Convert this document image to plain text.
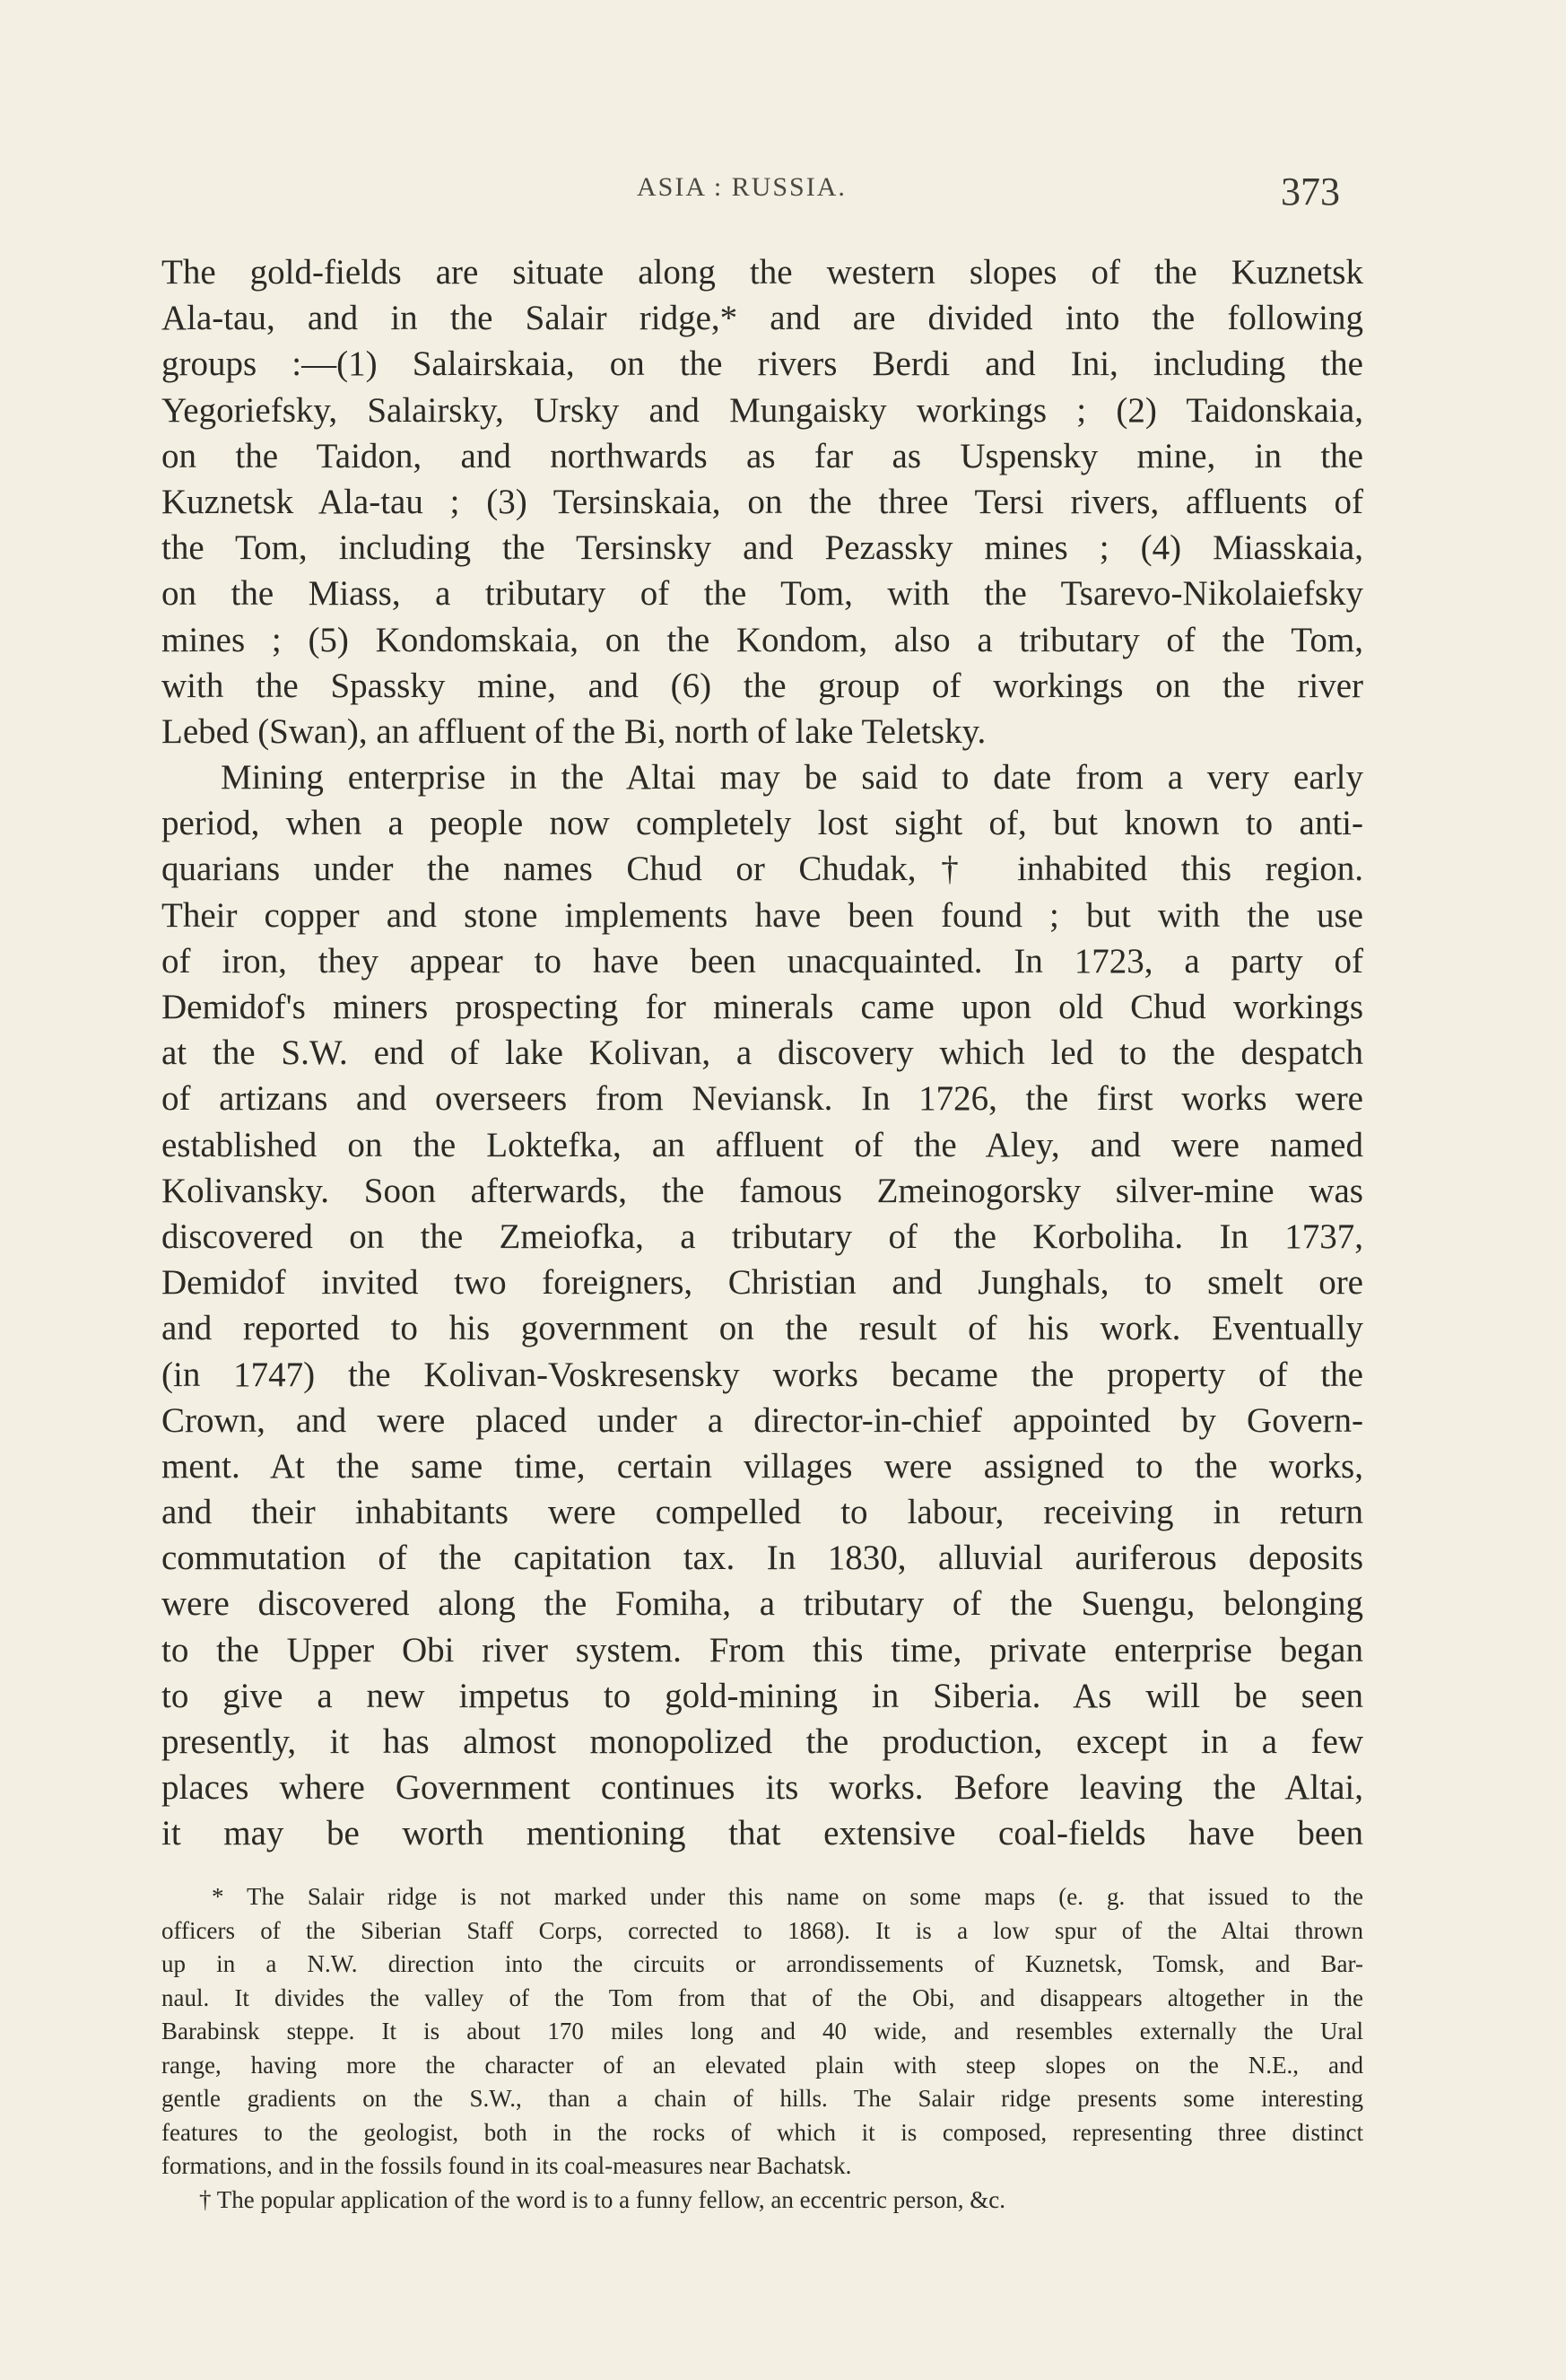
ASIA : RUSSIA.	373
The gold-fields are situate along the western slopes of the Kuznetsk
Ala-tau, and in the Salair ridge,* and are divided into the following
groups :—(1) Salairskaia, on the rivers Berdi and Ini, including the
Yegoriefsky, Salairsky, Ursky and Mungaisky workings ; (2) Taidonskaia,
on the Taidon, and northwards as far as Uspensky mine, in the
Kuznetsk Ala-tau ; (3) Tersinskaia, on the three Tersi rivers, affluents of
the Tom, including the Tersinsky and Pezassky mines ; (4) Miasskaia,
on the Miass, a tributary of the Tom, with the Tsarevo-Nikolaiefsky
mines ; (5) Kondomskaia, on the Kondom, also a tributary of the Tom,
with the Spassky mine, and (6) the group of workings on the river
Lebed (Swan), an affluent of the Bi, north of lake Teletsky.
Mining enterprise in the Altai may be said to date from a very early
period, when a people now completely lost sight of, but known to anti-
quarians under the names Chud or Chudak,† inhabited this region.
Their copper and stone implements have been found ; but with the use
of iron, they appear to have been unacquainted. In 1723, a party of
Demidof's miners prospecting for minerals came upon old Chud workings
at the S.W. end of lake Kolivan, a discovery which led to the despatch
of artizans and overseers from Neviansk. In 1726, the first works were
established on the Loktefka, an affluent of the Aley, and were named
Kolivansky. Soon afterwards, the famous Zmeinogorsky silver-mine was
discovered on the Zmeiofka, a tributary of the Korboliha. In 1737,
Demidof invited two foreigners, Christian and Junghals, to smelt ore
and reported to his government on the result of his work. Eventually
(in 1747) the Kolivan-Voskresensky works became the property of the
Crown, and were placed under a director-in-chief appointed by Govern-
ment. At the same time, certain villages were assigned to the works,
and their inhabitants were compelled to labour, receiving in return
commutation of the capitation tax. In 1830, alluvial auriferous deposits
were discovered along the Fomiha, a tributary of the Suengu, belonging
to the Upper Obi river system. From this time, private enterprise began
to give a new impetus to gold-mining in Siberia. As will be seen
presently, it has almost monopolized the production, except in a few
places where Government continues its works. Before leaving the Altai,
it may be worth mentioning that extensive coal-fields have been
* The Salair ridge is not marked under this name on some maps (e. g. that issued to the
officers of the Siberian Staff Corps, corrected to 1868). It is a low spur of the Altai thrown
up in a N.W. direction into the circuits or arrondissements of Kuznetsk, Tomsk, and Bar-
naul. It divides the valley of the Tom from that of the Obi, and disappears altogether in the
Barabinsk steppe. It is about 170 miles long and 40 wide, and resembles externally the Ural
range, having more the character of an elevated plain with steep slopes on the N.E., and
gentle gradients on the S.W., than a chain of hills. The Salair ridge presents some interesting
features to the geologist, both in the rocks of which it is composed, representing three distinct
formations, and in the fossils found in its coal-measures near Bachatsk.
† The popular application of the word is to a funny fellow, an eccentric person, &c.
